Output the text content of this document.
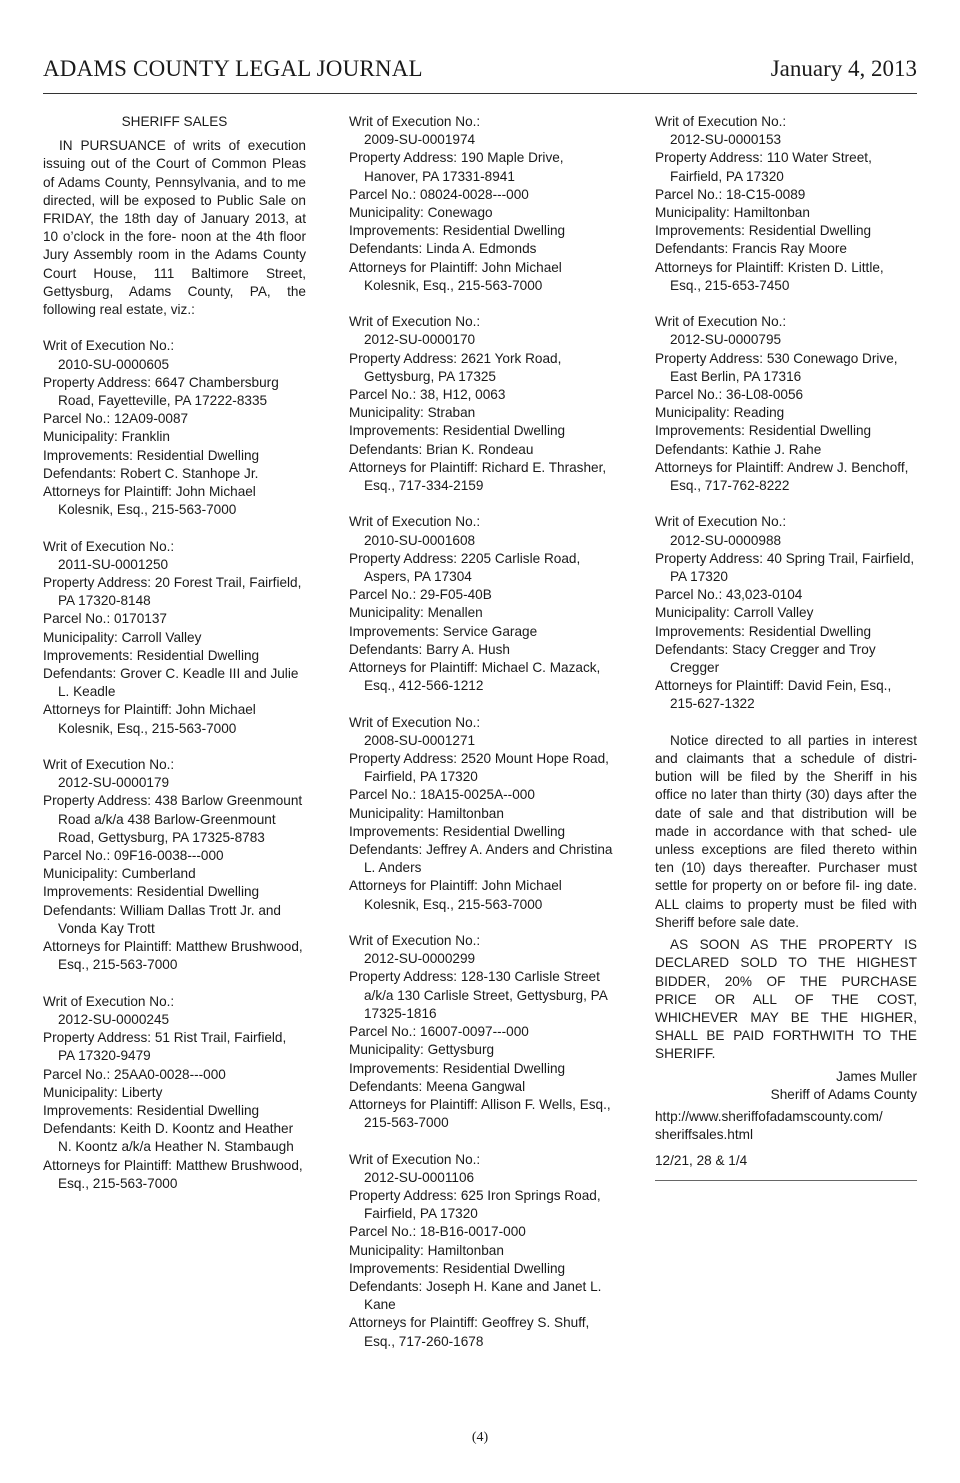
ADAMS COUNTY LEGAL JOURNAL	January 4, 2013
SHERIFF SALES

IN PURSUANCE of writs of execution issuing out of the Court of Common Pleas of Adams County, Pennsylvania, and to me directed, will be exposed to Public Sale on FRIDAY, the 18th day of January 2013, at 10 o’clock in the fore- noon at the 4th floor Jury Assembly room in the Adams County Court House, 111 Baltimore Street, Gettysburg, Adams County, PA, the following real estate, viz.:

Writ of Execution No.:
2010-SU-0000605
Property Address: 6647 Chambersburg Road, Fayetteville, PA 17222-8335
Parcel No.: 12A09-0087
Municipality: Franklin
Improvements: Residential Dwelling
Defendants: Robert C. Stanhope Jr.
Attorneys for Plaintiff: John Michael Kolesnik, Esq., 215-563-7000
Writ of Execution No.:
2011-SU-0001250
Property Address: 20 Forest Trail, Fairfield, PA 17320-8148
Parcel No.: 0170137
Municipality: Carroll Valley
Improvements: Residential Dwelling
Defendants: Grover C. Keadle III and Julie L. Keadle
Attorneys for Plaintiff: John Michael Kolesnik, Esq., 215-563-7000
Writ of Execution No.:
2012-SU-0000179
Property Address: 438 Barlow Greenmount Road a/k/a 438 Barlow-Greenmount Road, Gettysburg, PA 17325-8783
Parcel No.: 09F16-0038---000
Municipality: Cumberland
Improvements: Residential Dwelling
Defendants: William Dallas Trott Jr. and Vonda Kay Trott
Attorneys for Plaintiff: Matthew Brushwood, Esq., 215-563-7000
Writ of Execution No.:
2012-SU-0000245
Property Address: 51 Rist Trail, Fairfield, PA 17320-9479
Parcel No.: 25AA0-0028---000
Municipality: Liberty
Improvements: Residential Dwelling
Defendants: Keith D. Koontz and Heather N. Koontz a/k/a Heather N. Stambaugh
Attorneys for Plaintiff: Matthew Brushwood, Esq., 215-563-7000
Writ of Execution No.:
2009-SU-0001974
Property Address: 190 Maple Drive, Hanover, PA 17331-8941
Parcel No.: 08024-0028---000
Municipality: Conewago
Improvements: Residential Dwelling
Defendants: Linda A. Edmonds
Attorneys for Plaintiff: John Michael Kolesnik, Esq., 215-563-7000
Writ of Execution No.:
2012-SU-0000170
Property Address: 2621 York Road, Gettysburg, PA 17325
Parcel No.: 38, H12, 0063
Municipality: Straban
Improvements: Residential Dwelling
Defendants: Brian K. Rondeau
Attorneys for Plaintiff: Richard E. Thrasher, Esq., 717-334-2159
Writ of Execution No.:
2010-SU-0001608
Property Address: 2205 Carlisle Road, Aspers, PA 17304
Parcel No.: 29-F05-40B
Municipality: Menallen
Improvements: Service Garage
Defendants: Barry A. Hush
Attorneys for Plaintiff: Michael C. Mazack, Esq., 412-566-1212
Writ of Execution No.:
2008-SU-0001271
Property Address: 2520 Mount Hope Road, Fairfield, PA 17320
Parcel No.: 18A15-0025A--000
Municipality: Hamiltonban
Improvements: Residential Dwelling
Defendants: Jeffrey A. Anders and Christina L. Anders
Attorneys for Plaintiff: John Michael Kolesnik, Esq., 215-563-7000
Writ of Execution No.:
2012-SU-0000299
Property Address: 128-130 Carlisle Street a/k/a 130 Carlisle Street, Gettysburg, PA 17325-1816
Parcel No.: 16007-0097---000
Municipality: Gettysburg
Improvements: Residential Dwelling
Defendants: Meena Gangwal
Attorneys for Plaintiff: Allison F. Wells, Esq., 215-563-7000
Writ of Execution No.:
2012-SU-0001106
Property Address: 625 Iron Springs Road, Fairfield, PA 17320
Parcel No.: 18-B16-0017-000
Municipality: Hamiltonban
Improvements: Residential Dwelling
Defendants: Joseph H. Kane and Janet L. Kane
Attorneys for Plaintiff: Geoffrey S. Shuff, Esq., 717-260-1678
Writ of Execution No.:
2012-SU-0000153
Property Address: 110 Water Street, Fairfield, PA 17320
Parcel No.: 18-C15-0089
Municipality: Hamiltonban
Improvements: Residential Dwelling
Defendants: Francis Ray Moore
Attorneys for Plaintiff: Kristen D. Little, Esq., 215-653-7450
Writ of Execution No.:
2012-SU-0000795
Property Address: 530 Conewago Drive, East Berlin, PA 17316
Parcel No.: 36-L08-0056
Municipality: Reading
Improvements: Residential Dwelling
Defendants: Kathie J. Rahe
Attorneys for Plaintiff: Andrew J. Benchoff, Esq., 717-762-8222
Writ of Execution No.:
2012-SU-0000988
Property Address: 40 Spring Trail, Fairfield, PA 17320
Parcel No.: 43,023-0104
Municipality: Carroll Valley
Improvements: Residential Dwelling
Defendants: Stacy Cregger and Troy Cregger
Attorneys for Plaintiff: David Fein, Esq., 215-627-1322

Notice directed to all parties in interest and claimants that a schedule of distri- bution will be filed by the Sheriff in his office no later than thirty (30) days after the date of sale and that distribution will be made in accordance with that sched- ule unless exceptions are filed thereto within ten (10) days thereafter. Purchaser must settle for property on or before fil- ing date. ALL claims to property must be filed with Sheriff before sale date.

AS SOON AS THE PROPERTY IS DECLARED SOLD TO THE HIGHEST BIDDER, 20% OF THE PURCHASE PRICE OR ALL OF THE COST, WHICHEVER MAY BE THE HIGHER, SHALL BE PAID FORTHWITH TO THE SHERIFF.

James Muller

Sheriff of Adams County

http://www.sheriffofadamscounty.com/ sheriffsales.html

12/21, 28 & 1/4

(4)
